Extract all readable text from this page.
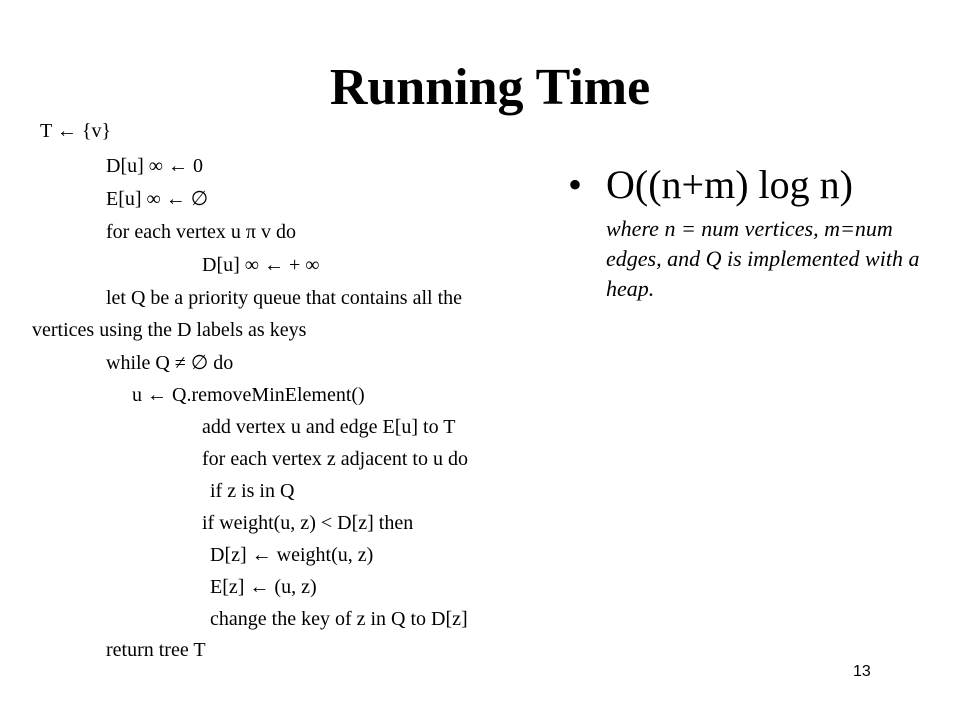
Running Time
T ← {v}
D[u] ∞ ← 0
E[u] ∞ ← ∅
for each vertex u π v do
D[u] ∞ ← + ∞
let Q be a priority queue that contains all the
vertices using the D labels as keys
while Q ≠ ∅ do
u ← Q.removeMinElement()
add vertex u and edge E[u] to T
for each vertex z adjacent to u do
if z is in Q
if weight(u, z) < D[z] then
D[z] ← weight(u, z)
E[z] ← (u, z)
change the key of z in Q to D[z]
return tree T
• O((n+m) log n)
where n = num vertices, m=num edges, and Q is implemented with a heap.
13
